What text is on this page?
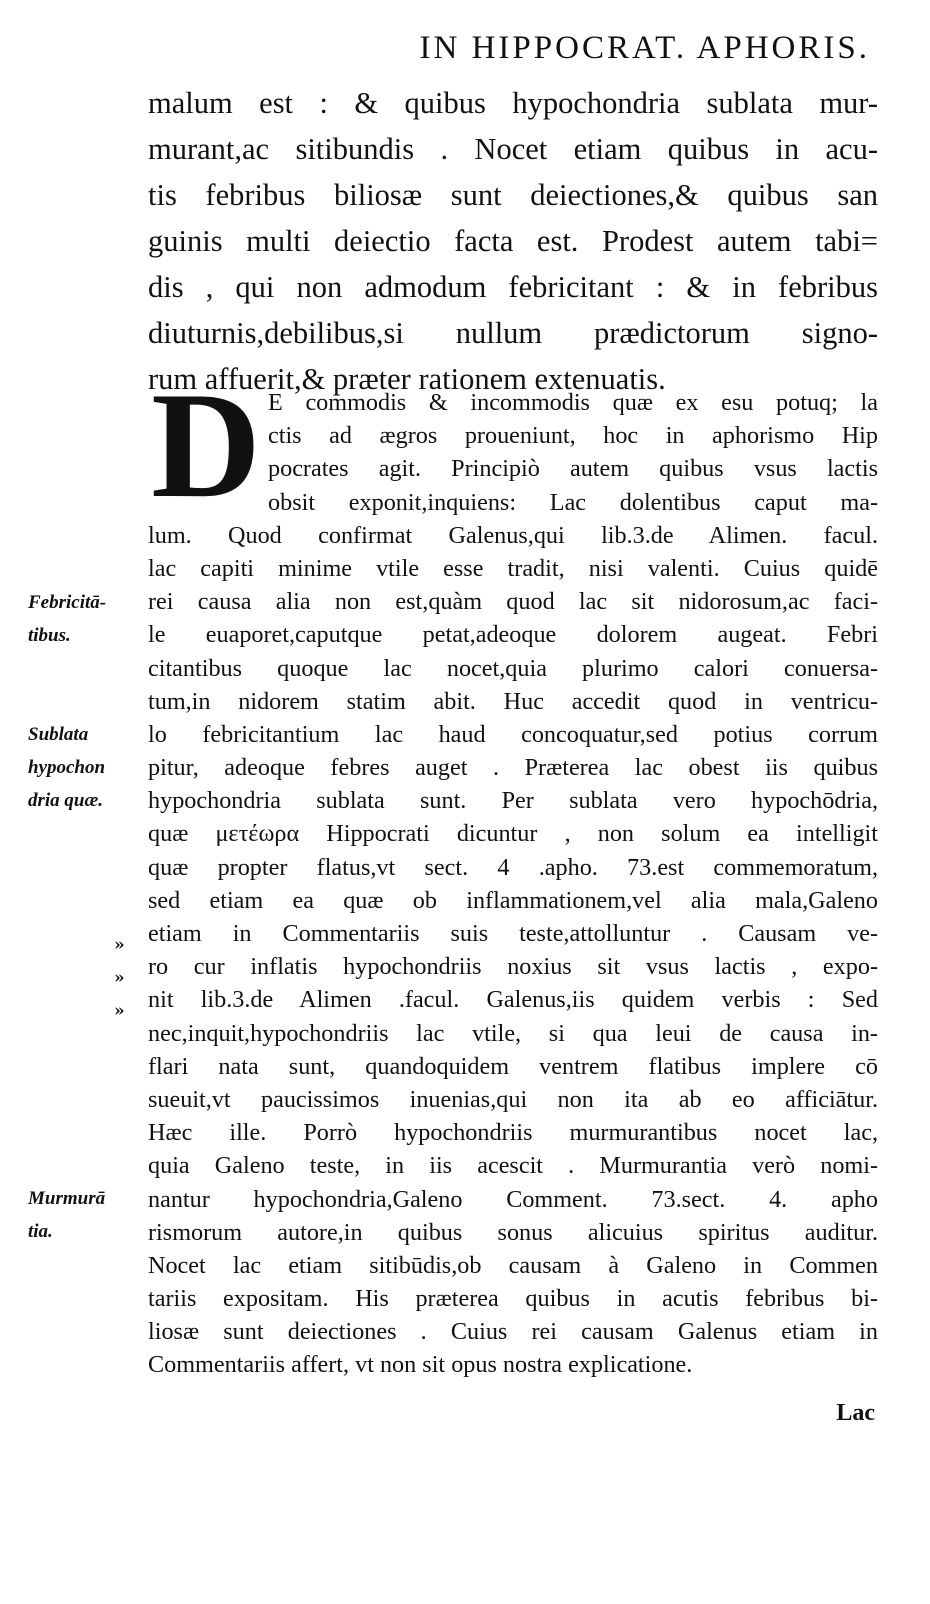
IN HIPPOCRAT. APHORIS.
malum est : & quibus hypochondria sublata mur-
murant,ac sitibundis . Nocet etiam quibus in acu-
tis febribus biliosæ sunt deiectiones,& quibus san
guinis multi deiectio facta est. Prodest autem tabi=
dis , qui non admodum febricitant : & in febribus
diuturnis,debilibus,si nullum prædictorum signo-
rum affuerit,& præter rationem extenuatis.
D E commodis & incommodis quæ ex esu potuq; la
ctis ad ægros proueniunt, hoc in aphorismo Hip
pocrates agit. Principiò autem quibus vsus lactis
obsit exponit,inquiens: Lac dolentibus caput ma-
lum. Quod confirmat Galenus,qui lib.3.de Alimen. facul.
lac capiti minime vtile esse tradit, nisi valenti. Cuius quidē
rei causa alia non est,quàm quod lac sit nidorosum,ac faci-
le euaporet,caputque petat,adeoque dolorem augeat. Febri
citantibus quoque lac nocet,quia plurimo calori conuersa-
tum,in nidorem statim abit. Huc accedit quod in ventricu-
lo febricitantium lac haud concoquatur,sed potius corrum
pitur, adeoque febres auget . Præterea lac obest iis quibus
hypochondria sublata sunt. Per sublata vero hypochōdria,
quæ μετέωρα Hippocrati dicuntur , non solum ea intelligit
quæ propter flatus,vt sect. 4 .apho. 73.est commemoratum,
sed etiam ea quæ ob inflammationem,vel alia mala,Galeno
etiam in Commentariis suis teste,attolluntur . Causam ve-
ro cur inflatis hypochondriis noxius sit vsus lactis , expo-
nit lib.3.de Alimen .facul. Galenus,iis quidem verbis : Sed
nec,inquit,hypochondriis lac vtile, si qua leui de causa in-
flari nata sunt, quandoquidem ventrem flatibus implere cō
sueuit,vt paucissimos inuenias,qui non ita ab eo afficiātur.
Hæc ille. Porrò hypochondriis murmurantibus nocet lac,
quia Galeno teste, in iis acescit . Murmurantia verò nomi-
nantur hypochondria,Galeno Comment. 73.sect. 4. apho
rismorum autore,in quibus sonus alicuius spiritus auditur.
Nocet lac etiam sitibūdis,ob causam à Galeno in Commen
tariis expositam. His præterea quibus in acutis febribus bi-
liosæ sunt deiectiones . Cuius rei causam Galenus etiam in
Commentariis affert, vt non sit opus nostra explicatione.
Febricitā-
tibus.
Sublata
hypochon
dria quæ.
Murmurā
tia.
»
»
»
Lac
